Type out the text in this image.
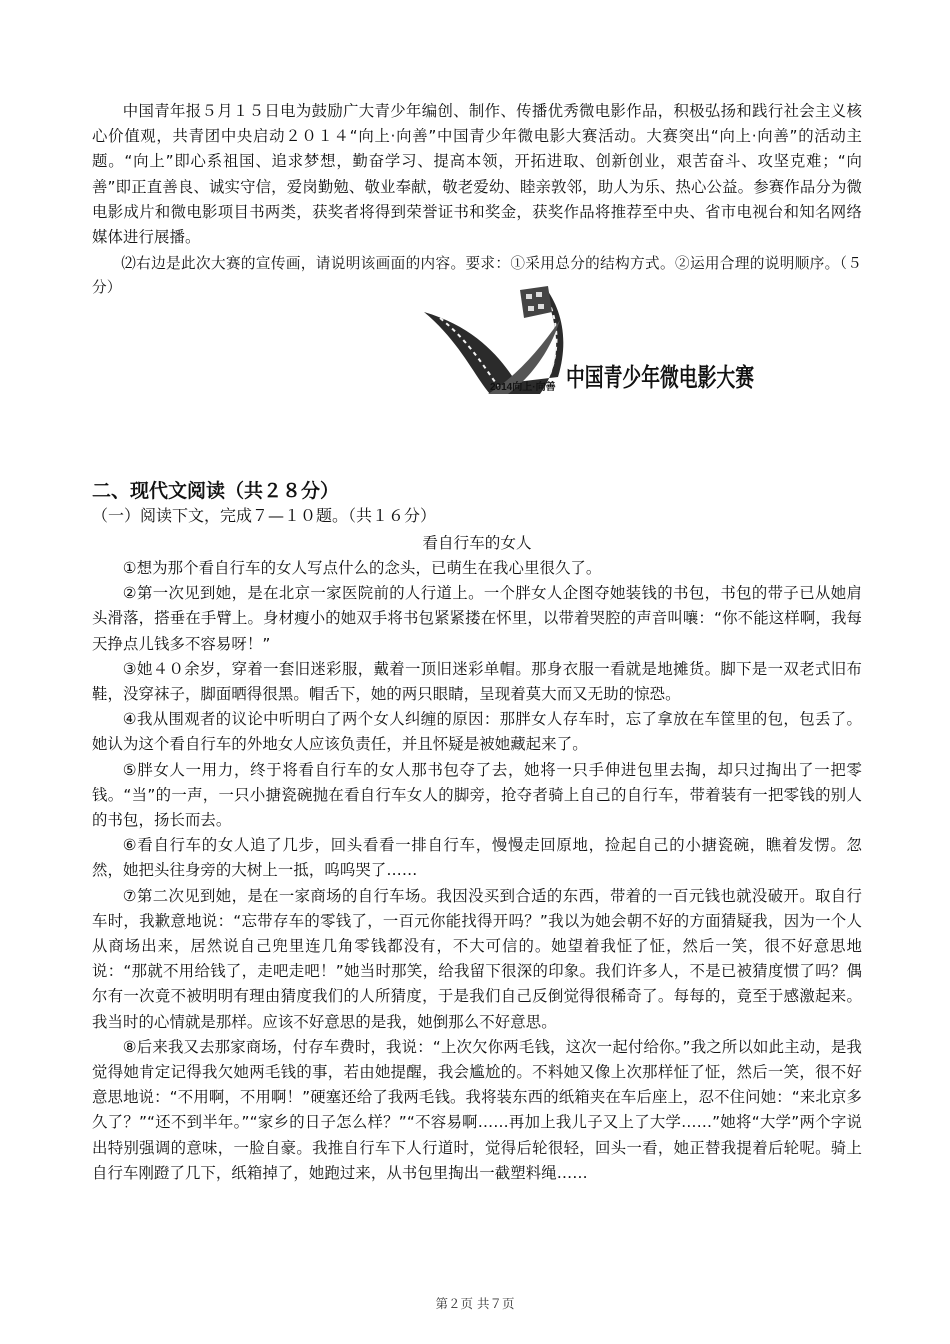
中国青年报５月１５日电为鼓励广大青少年编创、制作、传播优秀微电影作品，积极弘扬和践行社会主义核心价值观，共青团中央启动２０１４“向上·向善”中国青少年微电影大赛活动。大赛突出“向上·向善”的活动主题。“向上”即心系祖国、追求梦想，勤奋学习、提高本领，开拓进取、创新创业，艰苦奋斗、攻坚克难；“向善”即正直善良、诚实守信，爱岗勤勉、敬业奉献，敬老爱幼、睦亲敦邻，助人为乐、热心公益。参赛作品分为微电影成片和微电影项目书两类，获奖者将得到荣誉证书和奖金，获奖作品将推荐至中央、省市电视台和知名网络媒体进行展播。

⑵右边是此次大赛的宣传画，请说明该画面的内容。要求：①采用总分的结构方式。②运用合理的说明顺序。（５分）

2014向上·向善 中国青少年微电影大赛
二、现代文阅读（共２８分）

（一）阅读下文，完成７—１０题。（共１６分）

看自行车的女人

①想为那个看自行车的女人写点什么的念头，已萌生在我心里很久了。

②第一次见到她，是在北京一家医院前的人行道上。一个胖女人企图夺她装钱的书包，书包的带子已从她肩头滑落，搭垂在手臂上。身材瘦小的她双手将书包紧紧搂在怀里，以带着哭腔的声音叫嚷：“你不能这样啊，我每天挣点儿钱多不容易呀！”

③她４０余岁，穿着一套旧迷彩服，戴着一顶旧迷彩单帽。那身衣服一看就是地摊货。脚下是一双老式旧布鞋，没穿袜子，脚面晒得很黑。帽舌下，她的两只眼睛，呈现着莫大而又无助的惊恐。

④我从围观者的议论中听明白了两个女人纠缠的原因：那胖女人存车时，忘了拿放在车筐里的包，包丢了。她认为这个看自行车的外地女人应该负责任，并且怀疑是被她藏起来了。

⑤胖女人一用力，终于将看自行车的女人那书包夺了去，她将一只手伸进包里去掏，却只过掏出了一把零钱。“当”的一声，一只小搪瓷碗抛在看自行车女人的脚旁，抢夺者骑上自己的自行车，带着装有一把零钱的别人的书包，扬长而去。

⑥看自行车的女人追了几步，回头看看一排自行车，慢慢走回原地，捡起自己的小搪瓷碗，瞧着发愣。忽然，她把头往身旁的大树上一抵，呜呜哭了……

⑦第二次见到她，是在一家商场的自行车场。我因没买到合适的东西，带着的一百元钱也就没破开。取自行车时，我歉意地说：“忘带存车的零钱了，一百元你能找得开吗？”我以为她会朝不好的方面猜疑我，因为一个人从商场出来，居然说自己兜里连几角零钱都没有，不大可信的。她望着我怔了怔，然后一笑，很不好意思地说：“那就不用给钱了，走吧走吧！”她当时那笑，给我留下很深的印象。我们许多人，不是已被猜度惯了吗？偶尔有一次竟不被明明有理由猜度我们的人所猜度，于是我们自己反倒觉得很稀奇了。每每的，竟至于感激起来。我当时的心情就是那样。应该不好意思的是我，她倒那么不好意思。

⑧后来我又去那家商场，付存车费时，我说：“上次欠你两毛钱，这次一起付给你。”我之所以如此主动，是我觉得她肯定记得我欠她两毛钱的事，若由她提醒，我会尴尬的。不料她又像上次那样怔了怔，然后一笑，很不好意思地说：“不用啊，不用啊！”硬塞还给了我两毛钱。我将装东西的纸箱夹在车后座上，忍不住问她：“来北京多久了？”“还不到半年。”“家乡的日子怎么样？”“不容易啊……再加上我儿子又上了大学……”她将“大学”两个字说出特别强调的意味，一脸自豪。我推自行车下人行道时，觉得后轮很轻，回头一看，她正替我提着后轮呢。骑上自行车刚蹬了几下，纸箱掉了，她跑过来，从书包里掏出一截塑料绳……

第２页 共７页
